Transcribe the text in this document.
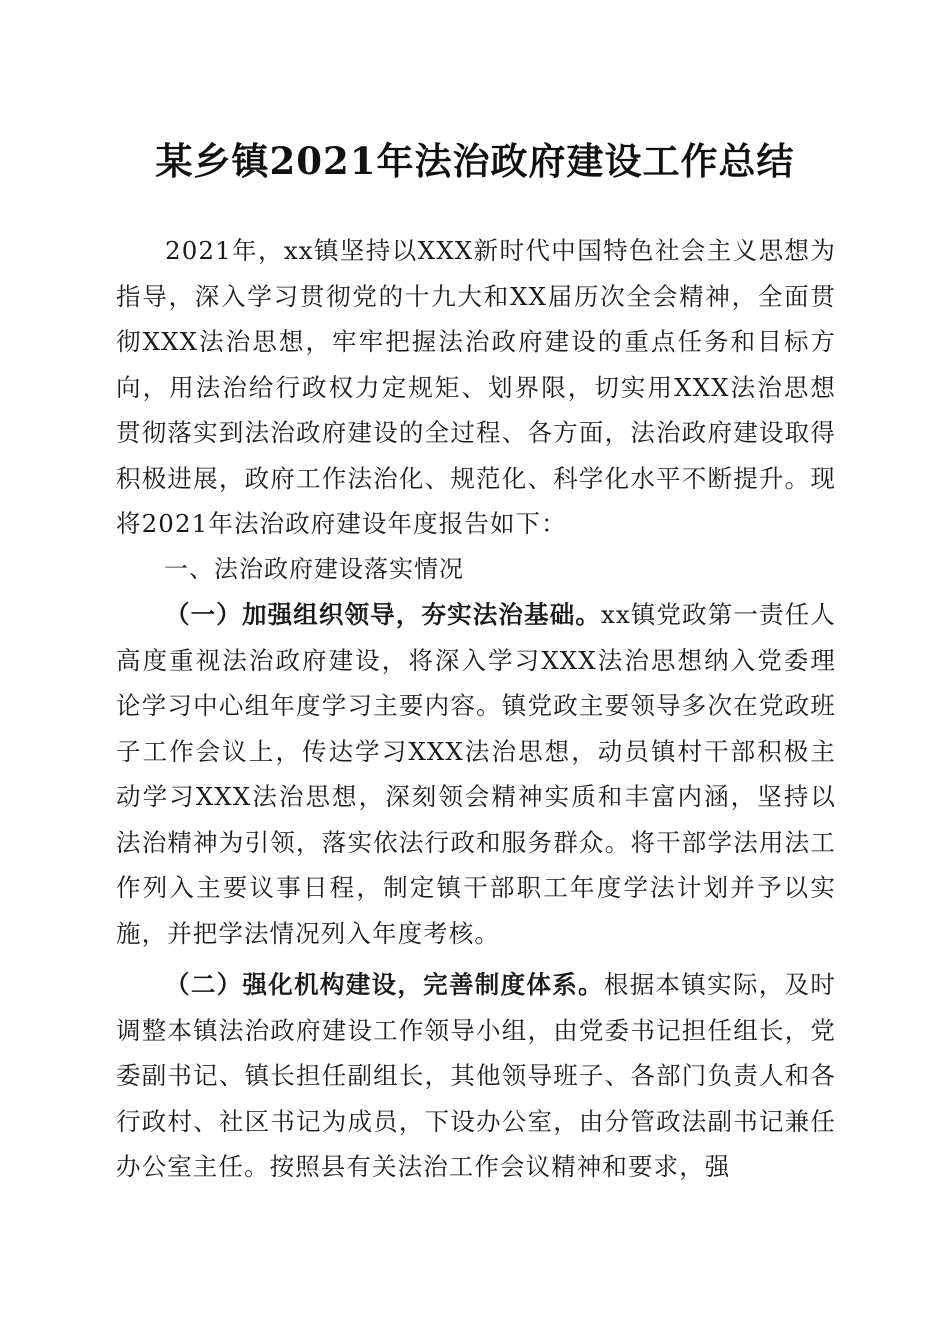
某乡镇2021年法治政府建设工作总结

2021年，xx镇坚持以XXX新时代中国特色社会主义思想为指导，深入学习贯彻党的十九大和XX届历次全会精神，全面贯彻XXX法治思想，牢牢把握法治政府建设的重点任务和目标方向，用法治给行政权力定规矩、划界限，切实用XXX法治思想贯彻落实到法治政府建设的全过程、各方面，法治政府建设取得积极进展，政府工作法治化、规范化、科学化水平不断提升。现将2021年法治政府建设年度报告如下：

一、法治政府建设落实情况

（一）加强组织领导，夯实法治基础。xx镇党政第一责任人高度重视法治政府建设，将深入学习XXX法治思想纳入党委理论学习中心组年度学习主要内容。镇党政主要领导多次在党政班子工作会议上，传达学习XXX法治思想，动员镇村干部积极主动学习XXX法治思想，深刻领会精神实质和丰富内涵，坚持以法治精神为引领，落实依法行政和服务群众。将干部学法用法工作列入主要议事日程，制定镇干部职工年度学法计划并予以实施，并把学法情况列入年度考核。

（二）强化机构建设，完善制度体系。根据本镇实际，及时调整本镇法治政府建设工作领导小组，由党委书记担任组长，党委副书记、镇长担任副组长，其他领导班子、各部门负责人和各行政村、社区书记为成员，下设办公室，由分管政法副书记兼任办公室主任。按照县有关法治工作会议精神和要求，强
